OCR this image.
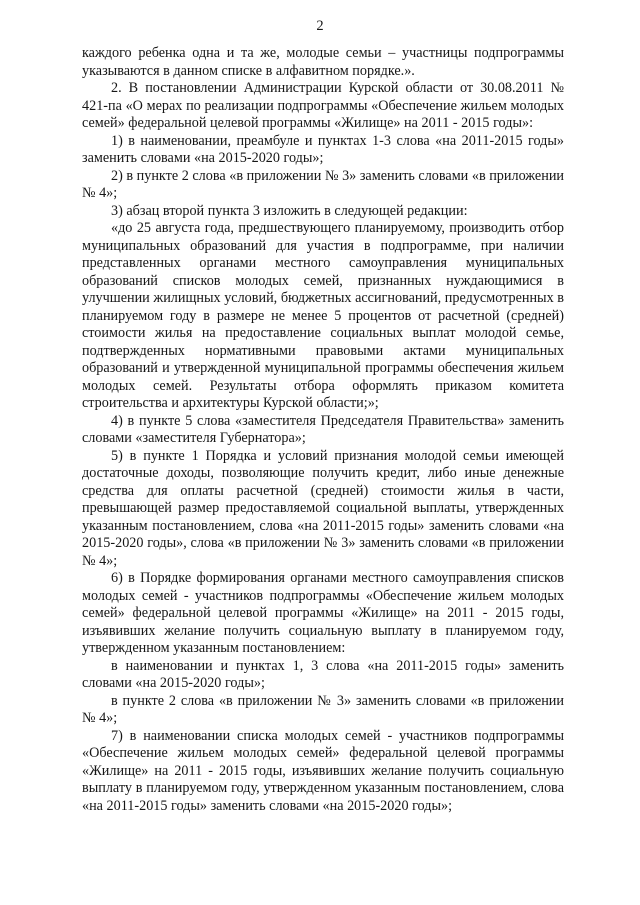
2

каждого ребенка одна и та же, молодые семьи – участницы подпрограммы указываются в данном списке в алфавитном порядке.».

2. В постановлении Администрации Курской области от 30.08.2011 № 421-па «О мерах по реализации подпрограммы «Обеспечение жильем молодых семей» федеральной целевой программы «Жилище» на 2011 - 2015 годы»:

1) в наименовании, преамбуле и пунктах 1-3 слова «на 2011-2015 годы» заменить словами «на 2015-2020 годы»;

2) в пункте 2 слова «в приложении № 3» заменить словами «в приложении № 4»;

3) абзац второй пункта 3 изложить в следующей редакции:

«до 25 августа года, предшествующего планируемому, производить отбор муниципальных образований для участия в подпрограмме, при наличии представленных органами местного самоуправления муниципальных образований списков молодых семей, признанных нуждающимися в улучшении жилищных условий, бюджетных ассигнований, предусмотренных в планируемом году в размере не менее 5 процентов от расчетной (средней) стоимости жилья на предоставление социальных выплат молодой семье, подтвержденных нормативными правовыми актами муниципальных образований и утвержденной муниципальной программы обеспечения жильем молодых семей. Результаты отбора оформлять приказом комитета строительства и архитектуры Курской области;»;

4) в пункте 5 слова «заместителя Председателя Правительства» заменить словами «заместителя Губернатора»;

5) в пункте 1 Порядка и условий признания молодой семьи имеющей достаточные доходы, позволяющие получить кредит, либо иные денежные средства для оплаты расчетной (средней) стоимости жилья в части, превышающей размер предоставляемой социальной выплаты, утвержденных указанным постановлением, слова «на 2011-2015 годы» заменить словами «на 2015-2020 годы», слова «в приложении № 3» заменить словами «в приложении № 4»;

6) в Порядке формирования органами местного самоуправления списков молодых семей - участников подпрограммы «Обеспечение жильем молодых семей» федеральной целевой программы «Жилище» на 2011 - 2015 годы, изъявивших желание получить социальную выплату в планируемом году, утвержденном указанным постановлением:

в наименовании и пунктах 1, 3 слова «на 2011-2015 годы» заменить словами «на 2015-2020 годы»;

в пункте 2 слова «в приложении № 3» заменить словами «в приложении № 4»;

7) в наименовании списка молодых семей - участников подпрограммы «Обеспечение жильем молодых семей» федеральной целевой программы «Жилище» на 2011 - 2015 годы, изъявивших желание получить социальную выплату в планируемом году, утвержденном указанным постановлением, слова «на 2011-2015 годы» заменить словами «на 2015-2020 годы»;
